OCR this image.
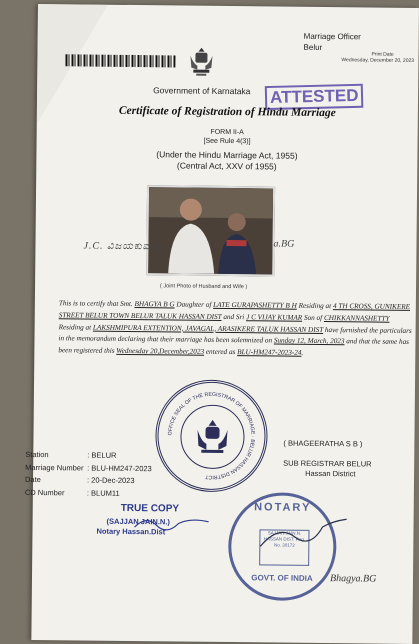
Marriage Officer
Belur
Print Date
Wednesday, December 20, 2023
Government of Karnataka ATTESTED
Certificate of Registration of Hindu Marriage
FORM II-A
[See Rule 4(3)]
(Under the Hindu Marriage Act, 1955)
(Central Act, XXV of 1955)
J.C. ವಿಜಯಕುಮಾರ್	a.BG
( Joint Photo of Husband and Wife )
This is to certify that Smt. BHAGYA B G Daughter of LATE GURAPASHETTY B H Residing at 4 TH CROSS, GUNIKERE STREET BELUR TOWN BELUR TALUK HASSAN DIST and Sri J C VIJAY KUMAR Son of CHIKKANNASHETTY Residing at LAKSHMIPURA EXTENTION, JAVAGAL, ARASIKERE TALUK HASSAN DIST have furnished the particulars in the memorandum declaring that their marriage has been solemnized on Sunday 12, March, 2023 and that the same has been registered this Wednesday 20,December,2023 entered as BLU-HM247-2023-24.
OFFICE SEAL OF THE REGISTRAR OF MARRIAGE · BELUR HASSAN DISTRICT
Station	: BELUR
Marriage Number : BLU-HM247-2023
Date	: 20-Dec-2023
CD Number	: BLUM11
( BHAGEERATHA S B )
SUB REGISTRAR BELUR
Hassan District
TRUE COPY
(SAJJAN JAIN.N.)
Notary Hassan.Dist
NOTARY
SAJJAN JAIN.N. HASSAN DIST. Reg. No. 30172
GOVT. OF INDIA	Bhagya.BG
